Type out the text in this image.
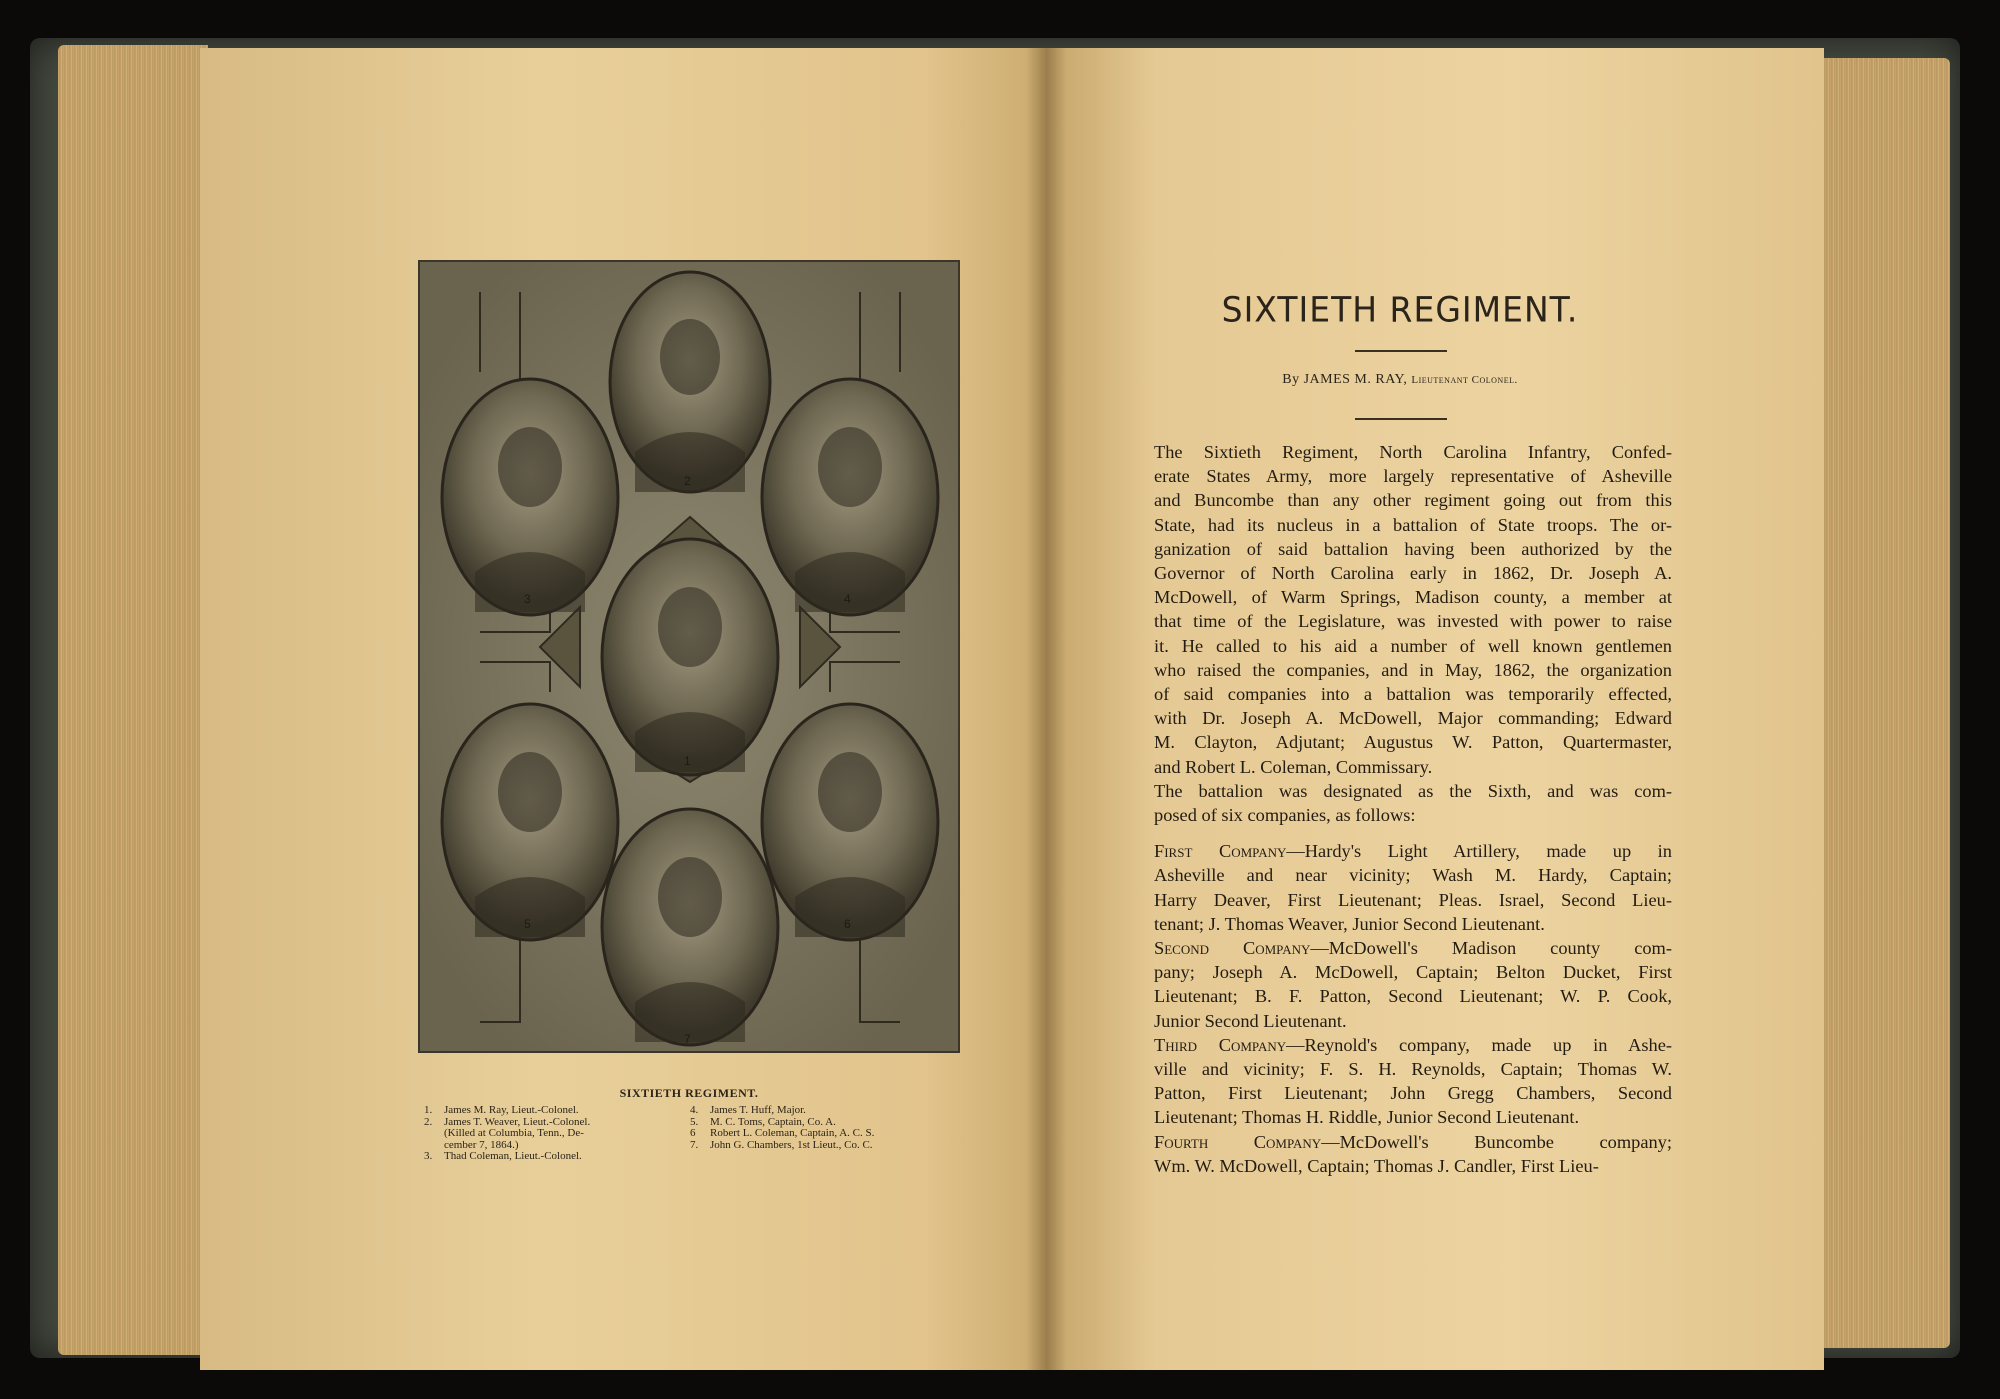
2
3	4
1
5	6
7
SIXTIETH REGIMENT.
1.	James M. Ray, Lieut.-Colonel.
2.	James T. Weaver, Lieut.-Colonel.
(Killed at Columbia, Tenn., De-
cember 7, 1864.)
3.	Thad Coleman, Lieut.-Colonel.
4.	James T. Huff, Major.
5.	M. C. Toms, Captain, Co. A.
6	Robert L. Coleman, Captain, A. C. S.
7.	John G. Chambers, 1st Lieut., Co. C.
SIXTIETH REGIMENT.
By JAMES M. RAY, Lieutenant Colonel.

The Sixtieth Regiment, North Carolina Infantry, Confed-
erate States Army, more largely representative of Asheville
and Buncombe than any other regiment going out from this
State, had its nucleus in a battalion of State troops. The or-
ganization of said battalion having been authorized by the
Governor of North Carolina early in 1862, Dr. Joseph A.
McDowell, of Warm Springs, Madison county, a member at
that time of the Legislature, was invested with power to raise
it. He called to his aid a number of well known gentlemen
who raised the companies, and in May, 1862, the organization
of said companies into a battalion was temporarily effected,
with Dr. Joseph A. McDowell, Major commanding; Edward
M. Clayton, Adjutant; Augustus W. Patton, Quartermaster,
and Robert L. Coleman, Commissary.

The battalion was designated as the Sixth, and was com-
posed of six companies, as follows:

First Company—Hardy's Light Artillery, made up in
Asheville and near vicinity; Wash M. Hardy, Captain;
Harry Deaver, First Lieutenant; Pleas. Israel, Second Lieu-
tenant; J. Thomas Weaver, Junior Second Lieutenant.

Second Company—McDowell's Madison county com-
pany; Joseph A. McDowell, Captain; Belton Ducket, First
Lieutenant; B. F. Patton, Second Lieutenant; W. P. Cook,
Junior Second Lieutenant.

Third Company—Reynold's company, made up in Ashe-
ville and vicinity; F. S. H. Reynolds, Captain; Thomas W.
Patton, First Lieutenant; John Gregg Chambers, Second
Lieutenant; Thomas H. Riddle, Junior Second Lieutenant.

Fourth Company—McDowell's Buncombe company;
Wm. W. McDowell, Captain; Thomas J. Candler, First Lieu-
